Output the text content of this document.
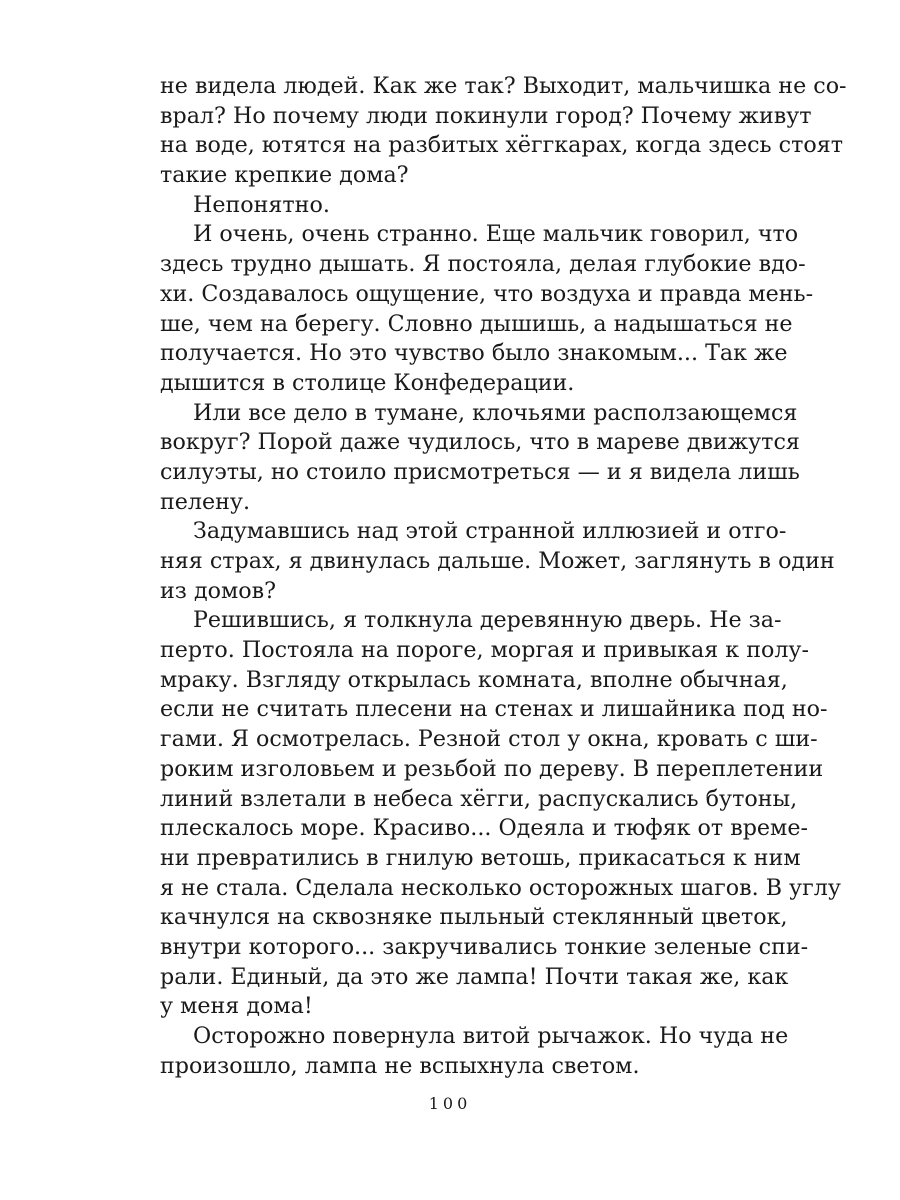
не видела людей. Как же так? Выходит, мальчишка не со-
врал? Но почему люди покинули город? Почему живут
на воде, ютятся на разбитых хёггкарах, когда здесь стоят
такие крепкие дома?
Непонятно.
И очень, очень странно. Еще мальчик говорил, что
здесь трудно дышать. Я постояла, делая глубокие вдо-
хи. Создавалось ощущение, что воздуха и правда мень-
ше, чем на берегу. Словно дышишь, а надышаться не
получается. Но это чувство было знакомым... Так же
дышится в столице Конфедерации.
Или все дело в тумане, клочьями расползающемся
вокруг? Порой даже чудилось, что в мареве движутся
силуэты, но стоило присмотреться — и я видела лишь
пелену.
Задумавшись над этой странной иллюзией и отго-
няя страх, я двинулась дальше. Может, заглянуть в один
из домов?
Решившись, я толкнула деревянную дверь. Не за-
перто. Постояла на пороге, моргая и привыкая к полу-
мраку. Взгляду открылась комната, вполне обычная,
если не считать плесени на стенах и лишайника под но-
гами. Я осмотрелась. Резной стол у окна, кровать с ши-
роким изголовьем и резьбой по дереву. В переплетении
линий взлетали в небеса хёгги, распускались бутоны,
плескалось море. Красиво... Одеяла и тюфяк от време-
ни превратились в гнилую ветошь, прикасаться к ним
я не стала. Сделала несколько осторожных шагов. В углу
качнулся на сквозняке пыльный стеклянный цветок,
внутри которого... закручивались тонкие зеленые спи-
рали. Единый, да это же лампа! Почти такая же, как
у меня дома!
Осторожно повернула витой рычажок. Но чуда не
произошло, лампа не вспыхнула светом.
100
